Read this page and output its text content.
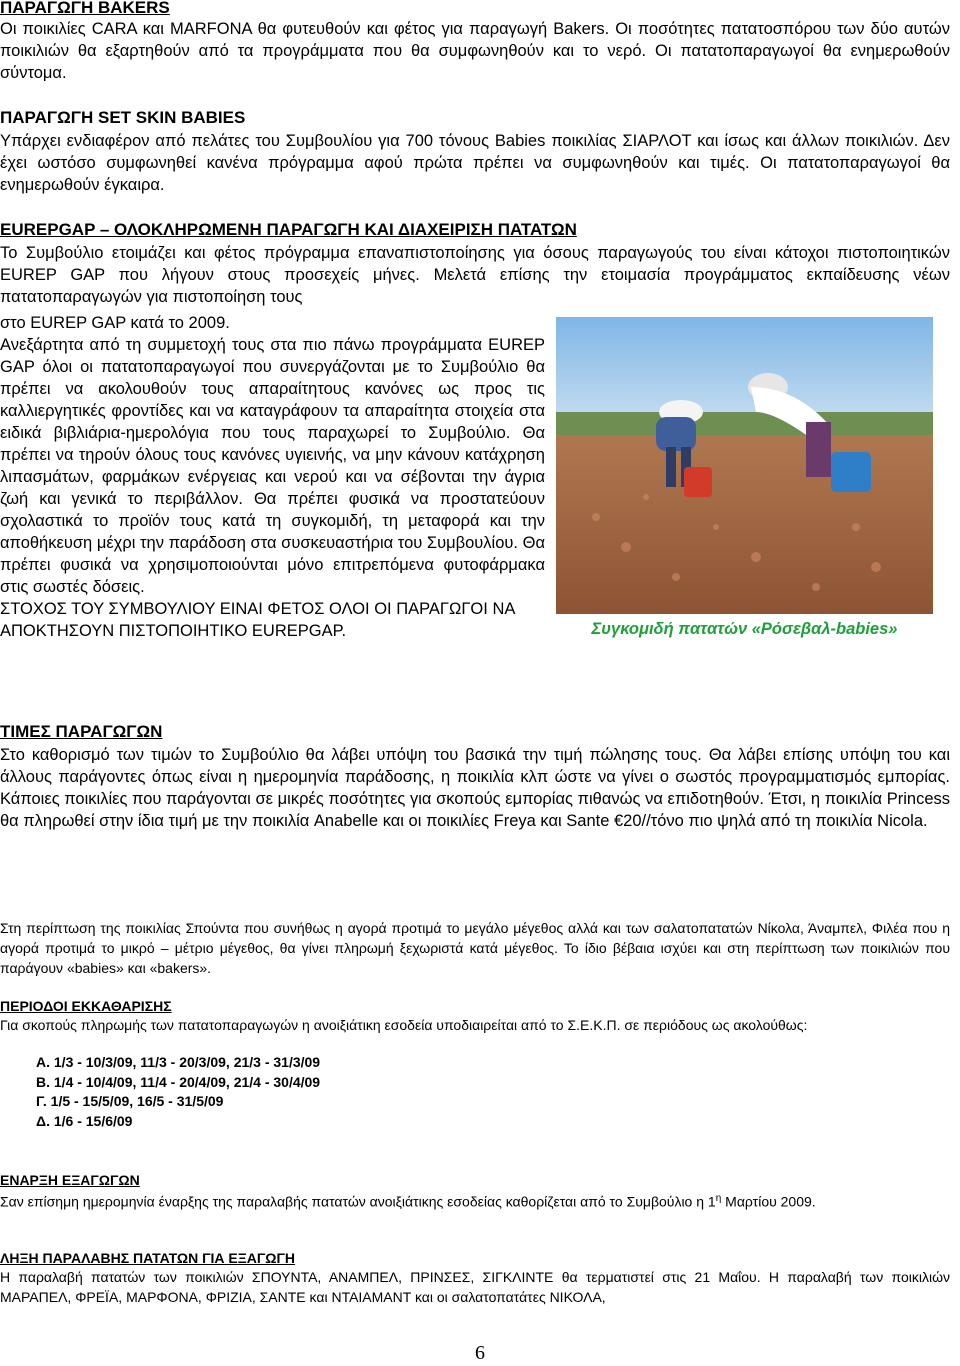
ΠΑΡΑΓΩΓΗ BAKERS

Οι ποικιλίες CARA και MARFONA θα φυτευθούν και φέτος για παραγωγή Bakers. Οι ποσότητες πατατοσπόρου των δύο αυτών ποικιλιών θα εξαρτηθούν από τα προγράμματα που θα συμφωνηθούν και το νερό. Οι πατατοπαραγωγοί θα ενημερωθούν σύντομα.

ΠΑΡΑΓΩΓΗ SET SKIN BABIES

Υπάρχει ενδιαφέρον από πελάτες του Συμβουλίου για 700 τόνους Babies ποικιλίας ΣΙΑΡΛΟΤ και ίσως και άλλων ποικιλιών. Δεν έχει ωστόσο συμφωνηθεί κανένα πρόγραμμα αφού πρώτα πρέπει να συμφωνηθούν και τιμές. Οι πατατοπαραγωγοί θα ενημερωθούν έγκαιρα.

EUREPGAP – ΟΛΟΚΛΗΡΩΜΕΝΗ ΠΑΡΑΓΩΓΗ ΚΑΙ ΔΙΑΧΕΙΡΙΣΗ ΠΑΤΑΤΩΝ

Το Συμβούλιο ετοιμάζει και φέτος πρόγραμμα επαναπιστοποίησης για όσους παραγωγούς του είναι κάτοχοι πιστοποιητικών EUREP GAP που λήγουν στους προσεχείς μήνες. Μελετά επίσης την ετοιμασία προγράμματος εκπαίδευσης νέων πατατοπαραγωγών για πιστοποίηση τους

στο EUREP GAP κατά το 2009.

Ανεξάρτητα από τη συμμετοχή τους στα πιο πάνω προγράμματα EUREP GAP όλοι οι πατατοπαραγωγοί που συνεργάζονται με το Συμβούλιο θα πρέπει να ακολουθούν τους απαραίτητους κανόνες ως προς τις καλλιεργητικές φροντίδες και να καταγράφουν τα απαραίτητα στοιχεία στα ειδικά βιβλιάρια-ημερολόγια που τους παραχωρεί το Συμβούλιο. Θα πρέπει να τηρούν όλους τους κανόνες υγιεινής, να μην κάνουν κατάχρηση λιπασμάτων, φαρμάκων ενέργειας και νερού και να σέβονται την άγρια ζωή και γενικά το περιβάλλον. Θα πρέπει φυσικά να προστατεύουν σχολαστικά το προϊόν τους κατά τη συγκομιδή, τη μεταφορά και την αποθήκευση μέχρι την παράδοση στα συσκευαστήρια του Συμβουλίου. Θα πρέπει φυσικά να χρησιμοποιούνται μόνο επιτρεπόμενα φυτοφάρμακα στις σωστές δόσεις.

ΣΤΟΧΟΣ ΤΟΥ ΣΥΜΒΟΥΛΙΟΥ ΕΙΝΑΙ ΦΕΤΟΣ ΟΛΟΙ ΟΙ ΠΑΡΑΓΩΓΟΙ ΝΑ ΑΠΟΚΤΗΣΟΥΝ ΠΙΣΤΟΠΟΙΗΤΙΚΟ EUREPGAP.	Συγκομιδή πατατών «Ρόσεβαλ-babies»
ΤΙΜΕΣ ΠΑΡΑΓΩΓΩΝ

Στο καθορισμό των τιμών το Συμβούλιο θα λάβει υπόψη του βασικά την τιμή πώλησης τους. Θα λάβει επίσης υπόψη του και άλλους παράγοντες όπως είναι η ημερομηνία παράδοσης, η ποικιλία κλπ ώστε να γίνει ο σωστός προγραμματισμός εμπορίας. Κάποιες ποικιλίες που παράγονται σε μικρές ποσότητες για σκοπούς εμπορίας πιθανώς να επιδοτηθούν. Έτσι, η ποικιλία Princess θα πληρωθεί στην ίδια τιμή με την ποικιλία Anabelle και οι ποικιλίες Freya και Sante €20//τόνο πιο ψηλά από τη ποικιλία Nicola.

Στη περίπτωση της ποικιλίας Σπούντα που συνήθως η αγορά προτιμά το μεγάλο μέγεθος αλλά και των σαλατοπατατών Νίκολα, Άναμπελ, Φιλέα που η αγορά προτιμά το μικρό – μέτριο μέγεθος, θα γίνει πληρωμή ξεχωριστά κατά μέγεθος. Το ίδιο βέβαια ισχύει και στη περίπτωση των ποικιλιών που παράγουν «babies» και «bakers».

ΠΕΡΙΟΔΟΙ ΕΚΚΑΘΑΡΙΣΗΣ

Για σκοπούς πληρωμής των πατατοπαραγωγών η ανοιξιάτικη εσοδεία υποδιαιρείται από το Σ.Ε.Κ.Π. σε περιόδους ως ακολούθως:

Α. 1/3 - 10/3/09, 11/3 - 20/3/09, 21/3 - 31/3/09
Β. 1/4 - 10/4/09, 11/4 - 20/4/09, 21/4 - 30/4/09
Γ. 1/5 - 15/5/09, 16/5 - 31/5/09
Δ. 1/6 - 15/6/09
ΕΝΑΡΞΗ ΕΞΑΓΩΓΩΝ

Σαν επίσημη ημερομηνία έναρξης της παραλαβής πατατών ανοιξιάτικης εσοδείας καθορίζεται από το Συμβούλιο η $1^\eta$ Μαρτίου 2009.

ΛΗΞΗ ΠΑΡΑΛΑΒΗΣ ΠΑΤΑΤΩΝ ΓΙΑ ΕΞΑΓΩΓΗ

Η παραλαβή πατατών των ποικιλιών ΣΠΟΥΝΤΑ, ΑΝΑΜΠΕΛ, ΠΡΙΝΣΕΣ, ΣΙΓΚΛΙΝΤΕ θα τερματιστεί στις 21 Μαΐου. Η παραλαβή των ποικιλιών ΜΑΡΑΠΕΛ, ΦΡΕΪΑ, ΜΑΡΦΟΝΑ, ΦΡΙΖΙΑ, ΣΑΝΤΕ και ΝΤΑΙΑΜΑΝΤ και οι σαλατοπατάτες ΝΙΚΟΛΑ,

6
